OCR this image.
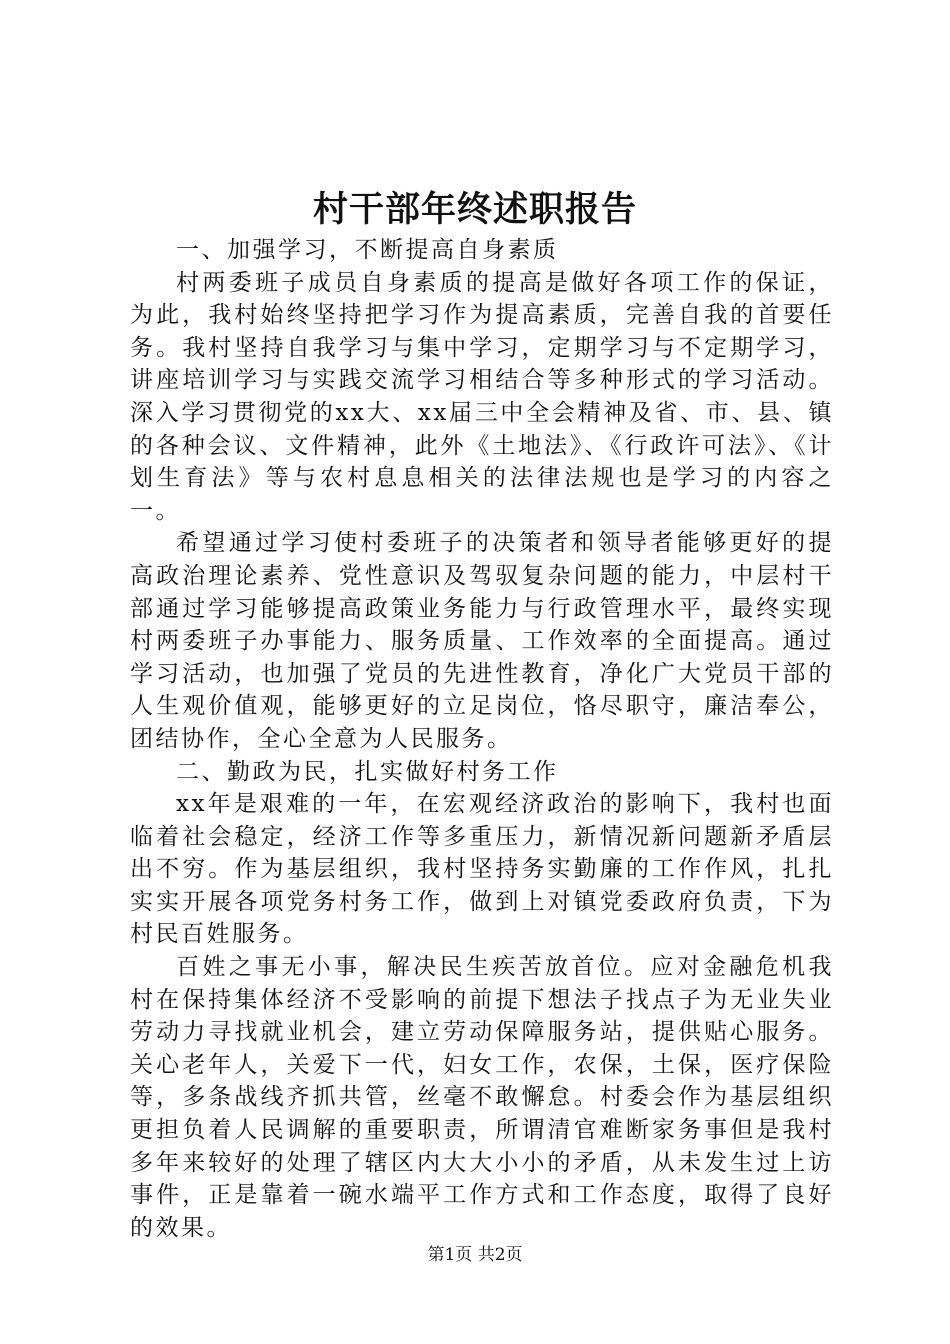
村干部年终述职报告

一、加强学习，不断提高自身素质

村两委班子成员自身素质的提高是做好各项工作的保证，为此，我村始终坚持把学习作为提高素质，完善自我的首要任务。我村坚持自我学习与集中学习，定期学习与不定期学习，讲座培训学习与实践交流学习相结合等多种形式的学习活动。深入学习贯彻党的xx大、xx届三中全会精神及省、市、县、镇的各种会议、文件精神，此外《土地法》、《行政许可法》、《计划生育法》等与农村息息相关的法律法规也是学习的内容之一。

希望通过学习使村委班子的决策者和领导者能够更好的提高政治理论素养、党性意识及驾驭复杂问题的能力，中层村干部通过学习能够提高政策业务能力与行政管理水平，最终实现村两委班子办事能力、服务质量、工作效率的全面提高。通过学习活动，也加强了党员的先进性教育，净化广大党员干部的人生观价值观，能够更好的立足岗位，恪尽职守，廉洁奉公，团结协作，全心全意为人民服务。

二、勤政为民，扎实做好村务工作

xx年是艰难的一年，在宏观经济政治的影响下，我村也面临着社会稳定，经济工作等多重压力，新情况新问题新矛盾层出不穷。作为基层组织，我村坚持务实勤廉的工作作风，扎扎实实开展各项党务村务工作，做到上对镇党委政府负责，下为村民百姓服务。

百姓之事无小事，解决民生疾苦放首位。应对金融危机我村在保持集体经济不受影响的前提下想法子找点子为无业失业劳动力寻找就业机会，建立劳动保障服务站，提供贴心服务。关心老年人，关爱下一代，妇女工作，农保，土保，医疗保险等，多条战线齐抓共管，丝毫不敢懈怠。村委会作为基层组织更担负着人民调解的重要职责，所谓清官难断家务事但是我村多年来较好的处理了辖区内大大小小的矛盾，从未发生过上访事件，正是靠着一碗水端平工作方式和工作态度，取得了良好的效果。

第1页 共2页
